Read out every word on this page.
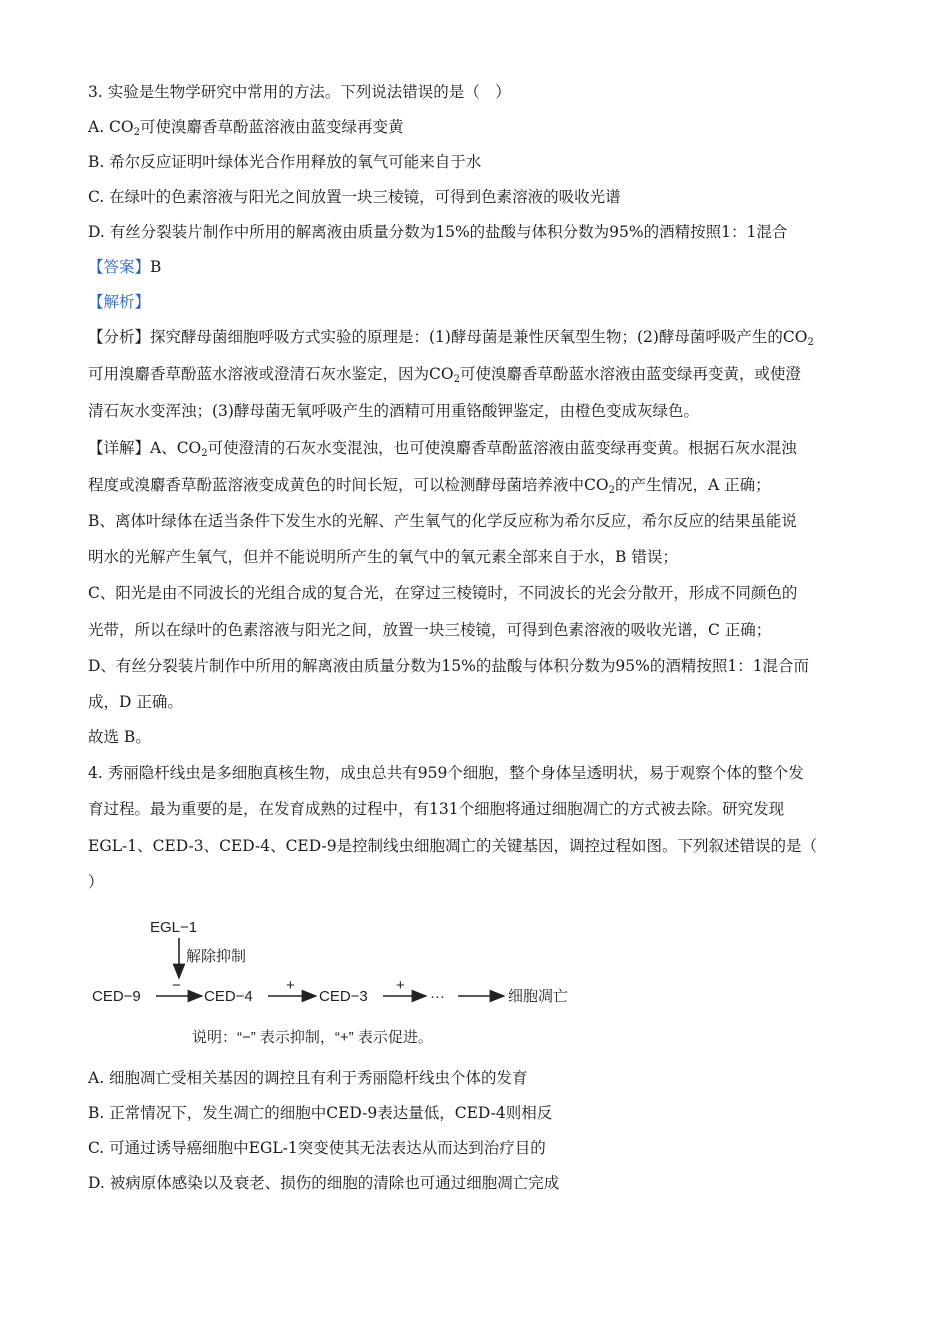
3. 实验是生物学研究中常用的方法。下列说法错误的是（　）
A. $CO_2$可使溴麝香草酚蓝溶液由蓝变绿再变黄
B. 希尔反应证明叶绿体光合作用释放的氧气可能来自于水
C. 在绿叶的色素溶液与阳光之间放置一块三棱镜，可得到色素溶液的吸收光谱
D. 有丝分裂装片制作中所用的解离液由质量分数为15%的盐酸与体积分数为95%的酒精按照1：1混合
【答案】B
【解析】
【分析】探究酵母菌细胞呼吸方式实验的原理是：(1)酵母菌是兼性厌氧型生物；(2)酵母菌呼吸产生的$CO_2$
可用溴麝香草酚蓝水溶液或澄清石灰水鉴定，因为$CO_2$可使溴麝香草酚蓝水溶液由蓝变绿再变黄，或使澄
清石灰水变浑浊；(3)酵母菌无氧呼吸产生的酒精可用重铬酸钾鉴定，由橙色变成灰绿色。
【详解】A、$CO_2$可使澄清的石灰水变混浊，也可使溴麝香草酚蓝溶液由蓝变绿再变黄。根据石灰水混浊
程度或溴麝香草酚蓝溶液变成黄色的时间长短，可以检测酵母菌培养液中$CO_2$的产生情况，A 正确；
B、离体叶绿体在适当条件下发生水的光解、产生氧气的化学反应称为希尔反应，希尔反应的结果虽能说
明水的光解产生氧气，但并不能说明所产生的氧气中的氧元素全部来自于水，B 错误；
C、阳光是由不同波长的光组合成的复合光，在穿过三棱镜时，不同波长的光会分散开，形成不同颜色的
光带，所以在绿叶的色素溶液与阳光之间，放置一块三棱镜，可得到色素溶液的吸收光谱，C 正确；
D、有丝分裂装片制作中所用的解离液由质量分数为15%的盐酸与体积分数为95%的酒精按照1：1混合而
成，D 正确。
故选 B。
4. 秀丽隐杆线虫是多细胞真核生物，成虫总共有959个细胞，整个身体呈透明状，易于观察个体的整个发
育过程。最为重要的是，在发育成熟的过程中，有131个细胞将通过细胞凋亡的方式被去除。研究发现
EGL-1、CED-3、CED-4、CED-9是控制线虫细胞凋亡的关键基因，调控过程如图。下列叙述错误的是（
）
EGL−1
解除抑制
CED−9
−
CED−4
+
CED−3
+
···	细胞凋亡
说明：“−” 表示抑制，“+” 表示促进。
A. 细胞凋亡受相关基因的调控且有利于秀丽隐杆线虫个体的发育
B. 正常情况下，发生凋亡的细胞中CED-9表达量低，CED-4则相反
C. 可通过诱导癌细胞中EGL-1突变使其无法表达从而达到治疗目的
D. 被病原体感染以及衰老、损伤的细胞的清除也可通过细胞凋亡完成
